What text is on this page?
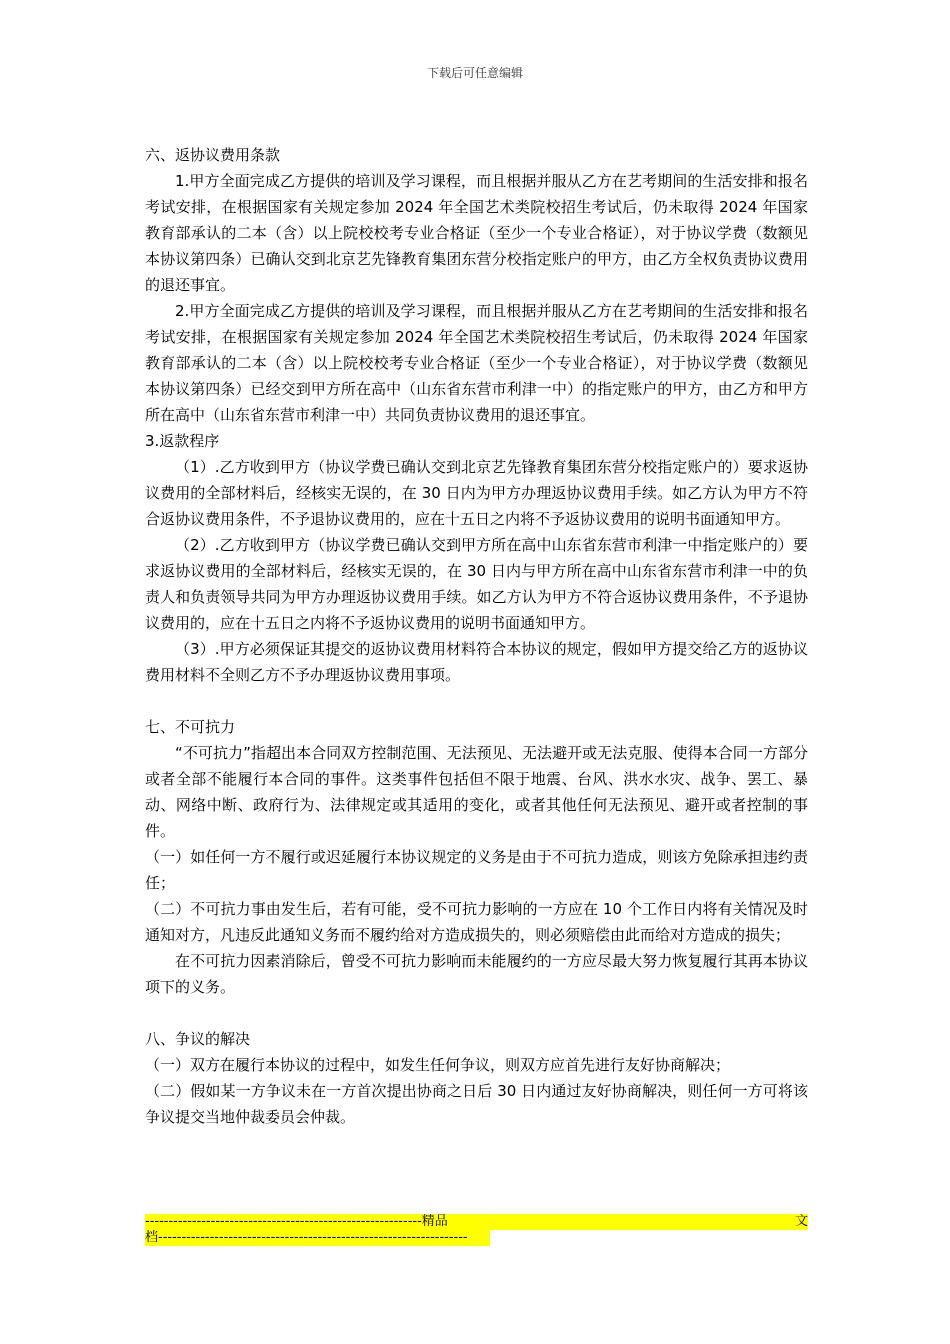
下载后可任意编辑
六、返协议费用条款
1.甲方全面完成乙方提供的培训及学习课程，而且根据并服从乙方在艺考期间的生活安排和报名考试安排，在根据国家有关规定参加 2024 年全国艺术类院校招生考试后，仍未取得 2024 年国家教育部承认的二本（含）以上院校校考专业合格证（至少一个专业合格证），对于协议学费（数额见本协议第四条）已确认交到北京艺先锋教育集团东营分校指定账户的甲方，由乙方全权负责协议费用的退还事宜。
2.甲方全面完成乙方提供的培训及学习课程，而且根据并服从乙方在艺考期间的生活安排和报名考试安排，在根据国家有关规定参加 2024 年全国艺术类院校招生考试后，仍未取得 2024 年国家教育部承认的二本（含）以上院校校考专业合格证（至少一个专业合格证），对于协议学费（数额见本协议第四条）已经交到甲方所在高中（山东省东营市利津一中）的指定账户的甲方，由乙方和甲方所在高中（山东省东营市利津一中）共同负责协议费用的退还事宜。
3.返款程序
（1）.乙方收到甲方（协议学费已确认交到北京艺先锋教育集团东营分校指定账户的）要求返协议费用的全部材料后，经核实无误的，在 30 日内为甲方办理返协议费用手续。如乙方认为甲方不符合返协议费用条件，不予退协议费用的，应在十五日之内将不予返协议费用的说明书面通知甲方。
（2）.乙方收到甲方（协议学费已确认交到甲方所在高中山东省东营市利津一中指定账户的）要求返协议费用的全部材料后，经核实无误的，在 30 日内与甲方所在高中山东省东营市利津一中的负责人和负责领导共同为甲方办理返协议费用手续。如乙方认为甲方不符合返协议费用条件，不予退协议费用的，应在十五日之内将不予返协议费用的说明书面通知甲方。
（3）.甲方必须保证其提交的返协议费用材料符合本协议的规定，假如甲方提交给乙方的返协议费用材料不全则乙方不予办理返协议费用事项。
七、不可抗力
“不可抗力”指超出本合同双方控制范围、无法预见、无法避开或无法克服、使得本合同一方部分或者全部不能履行本合同的事件。这类事件包括但不限于地震、台风、洪水水灾、战争、罢工、暴动、网络中断、政府行为、法律规定或其适用的变化，或者其他任何无法预见、避开或者控制的事件。
（一）如任何一方不履行或迟延履行本协议规定的义务是由于不可抗力造成，则该方免除承担违约责任；
（二）不可抗力事由发生后，若有可能，受不可抗力影响的一方应在 10 个工作日内将有关情况及时通知对方，凡违反此通知义务而不履约给对方造成损失的，则必须赔偿由此而给对方造成的损失；
在不可抗力因素消除后，曾受不可抗力影响而未能履约的一方应尽最大努力恢复履行其再本协议项下的义务。
八、争议的解决
（一）双方在履行本协议的过程中，如发生任何争议，则双方应首先进行友好协商解决；
（二）假如某一方争议未在一方首次提出协商之日后 30 日内通过友好协商解决，则任何一方可将该争议提交当地仲裁委员会仲裁。
----------------------------------------------------------- 精 品	文
档------------------------------------------------------------------
